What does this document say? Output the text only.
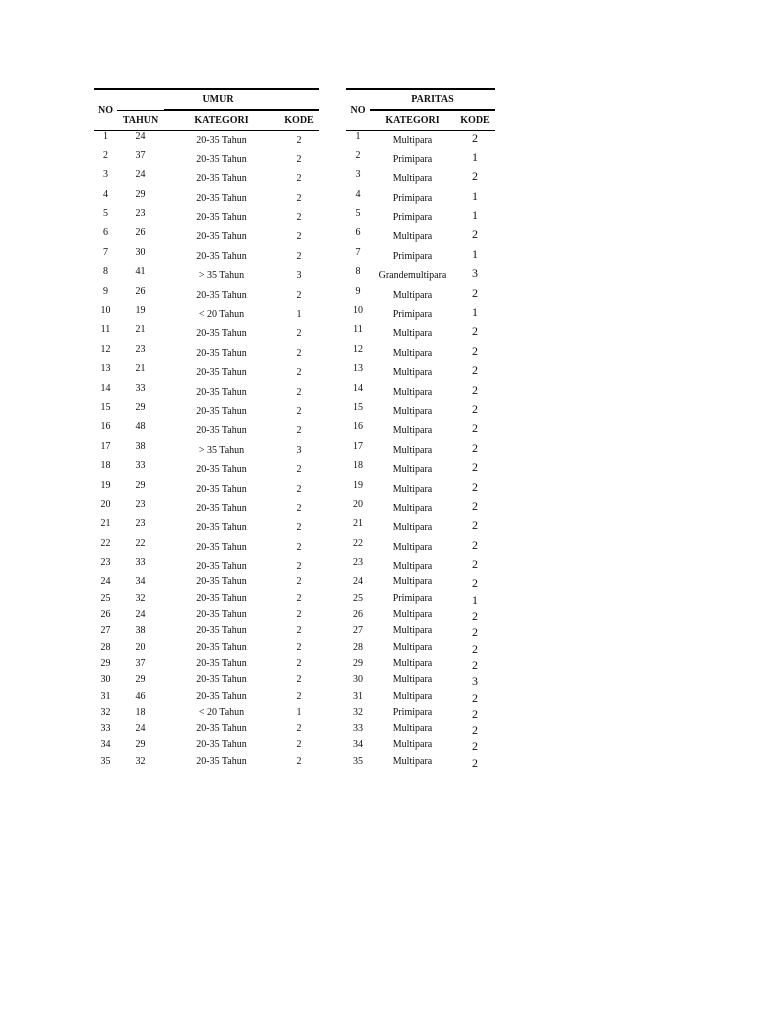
NO	UMUR		
	TAHUN	KATEGORI	KODE
1	24	20-35 Tahun	2
2	37	20-35 Tahun	2
3	24	20-35 Tahun	2
4	29	20-35 Tahun	2
5	23	20-35 Tahun	2
6	26	20-35 Tahun	2
7	30	20-35 Tahun	2
8	41	> 35 Tahun	3
9	26	20-35 Tahun	2
10	19	< 20 Tahun	1
11	21	20-35 Tahun	2
12	23	20-35 Tahun	2
13	21	20-35 Tahun	2
14	33	20-35 Tahun	2
15	29	20-35 Tahun	2
16	48	20-35 Tahun	2
17	38	> 35 Tahun	3
18	33	20-35 Tahun	2
19	29	20-35 Tahun	2
20	23	20-35 Tahun	2
21	23	20-35 Tahun	2
22	22	20-35 Tahun	2
23	33	20-35 Tahun	2
24	34	20-35 Tahun	2
25	32	20-35 Tahun	2
26	24	20-35 Tahun	2
27	38	20-35 Tahun	2
28	20	20-35 Tahun	2
29	37	20-35 Tahun	2
30	29	20-35 Tahun	2
31	46	20-35 Tahun	2
32	18	< 20 Tahun	1
33	24	20-35 Tahun	2
34	29	20-35 Tahun	2
35	32	20-35 Tahun	2
NO	PARITAS	
	KATEGORI	KODE
1	Multipara	2
2	Primipara	1
3	Multipara	2
4	Primipara	1
5	Primipara	1
6	Multipara	2
7	Primipara	1
8	Grandemultipara	3
9	Multipara	2
10	Primipara	1
11	Multipara	2
12	Multipara	2
13	Multipara	2
14	Multipara	2
15	Multipara	2
16	Multipara	2
17	Multipara	2
18	Multipara	2
19	Multipara	2
20	Multipara	2
21	Multipara	2
22	Multipara	2
23	Multipara	2
24	Multipara	2
25	Primipara	1
26	Multipara	2
27	Multipara	2
28	Multipara	2
29	Multipara	2
30	Multipara	3
31	Multipara	2
32	Primipara	2
33	Multipara	2
34	Multipara	2
35	Multipara	2
